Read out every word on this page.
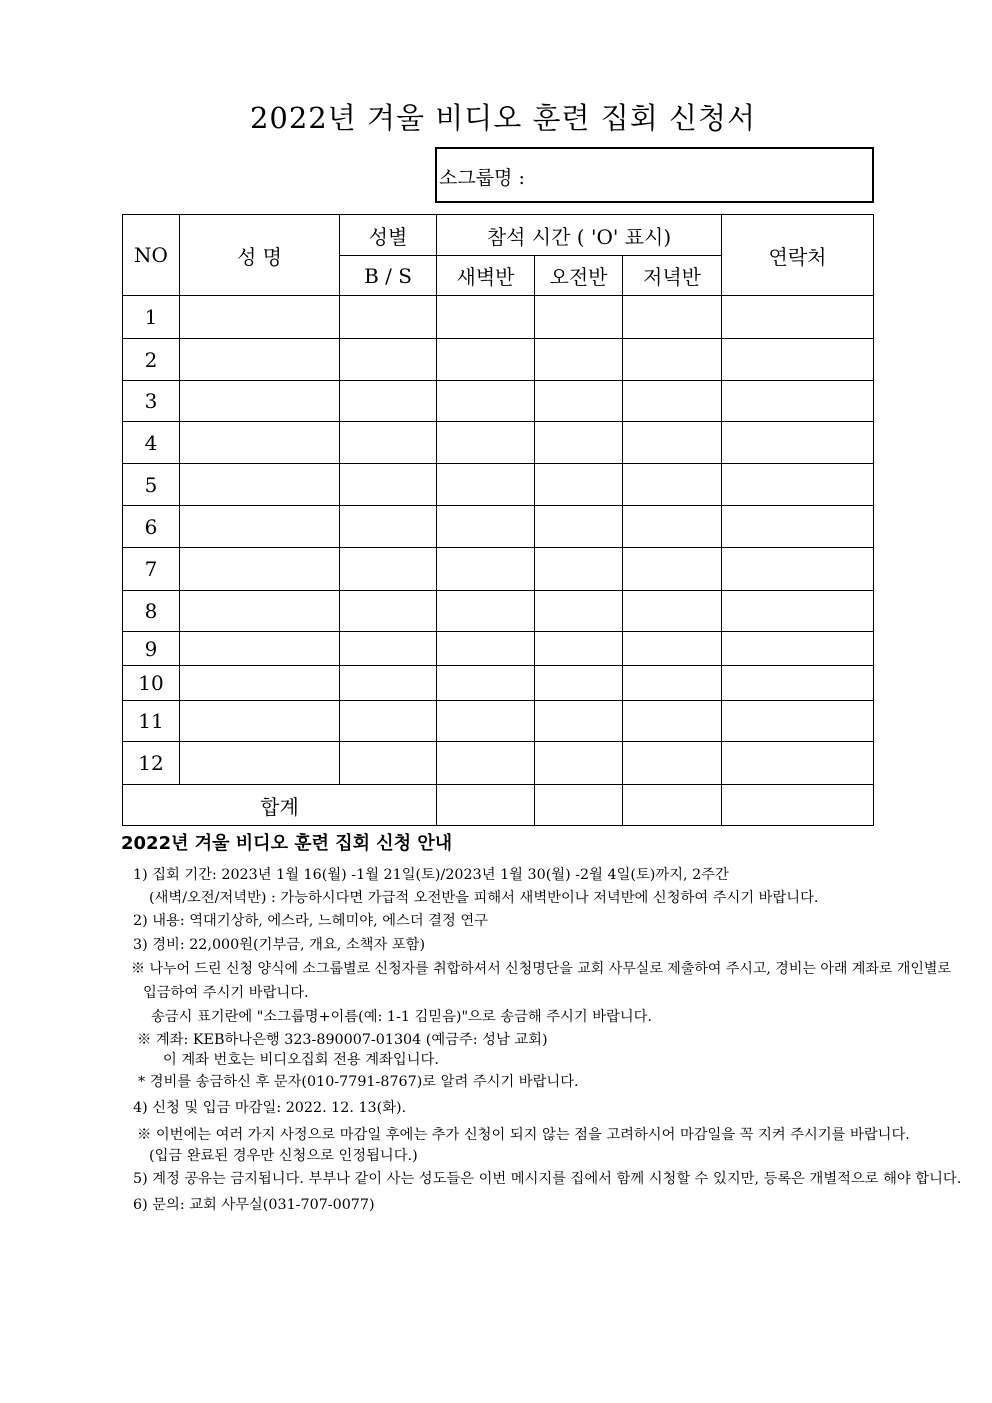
2022년 겨울 비디오 훈련 집회 신청서
소그룹명 :
NO	성 명	성별	참석 시간 ( 'O' 표시)			연락처
		B / S	새벽반	오전반	저녁반	
1						
2						
3						
4						
5						
6						
7						
8						
9						
10						
11						
12						
합계						
2022년 겨울 비디오 훈련 집회 신청 안내
1) 집회 기간: 2023년 1월 16(월) -1월 21일(토)/2023년 1월 30(월) -2월 4일(토)까지, 2주간
(새벽/오전/저녁반) : 가능하시다면 가급적 오전반을 피해서 새벽반이나 저녁반에 신청하여 주시기 바랍니다.
2) 내용: 역대기상하, 에스라, 느헤미야, 에스더 결정 연구
3) 경비: 22,000원(기부금, 개요, 소책자 포함)
※ 나누어 드린 신청 양식에 소그룹별로 신청자를 취합하셔서 신청명단을 교회 사무실로 제출하여 주시고, 경비는 아래 계좌로 개인별로
입금하여 주시기 바랍니다.
송금시 표기란에 "소그룹명+이름(예: 1-1 김믿음)"으로 송금해 주시기 바랍니다.
※ 계좌: KEB하나은행 323-890007-01304 (예금주: 성남 교회)
이 계좌 번호는 비디오집회 전용 계좌입니다.
* 경비를 송금하신 후 문자(010-7791-8767)로 알려 주시기 바랍니다.
4) 신청 및 입금 마감일: 2022. 12. 13(화).
※ 이번에는 여러 가지 사정으로 마감일 후에는 추가 신청이 되지 않는 점을 고려하시어 마감일을 꼭 지켜 주시기를 바랍니다.
(입금 완료된 경우만 신청으로 인정됩니다.)
5) 계정 공유는 금지됩니다. 부부나 같이 사는 성도들은 이번 메시지를 집에서 함께 시청할 수 있지만, 등록은 개별적으로 해야 합니다.
6) 문의: 교회 사무실(031-707-0077)
